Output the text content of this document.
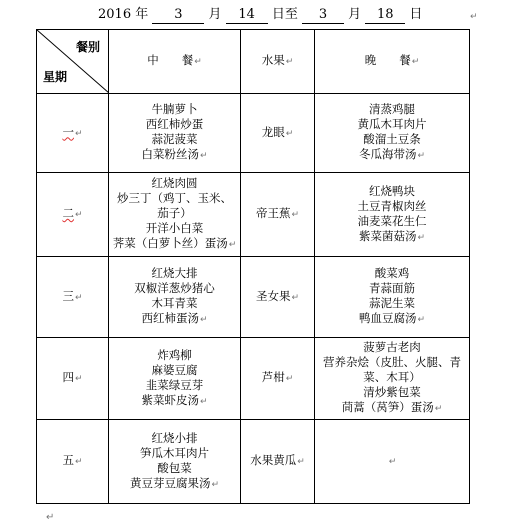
2016 年 3 月 14 日至 3 月 18 日	↵
餐别
星期	中　　餐↵	水果↵	晚　　餐↵
一↵	牛腩萝卜
西红柿炒蛋
蒜泥菠菜
白菜粉丝汤↵	龙眼↵	清蒸鸡腿
黄瓜木耳肉片
酸溜土豆条
冬瓜海带汤↵

二↵	红烧肉圆
炒三丁（鸡丁、玉米、
茄子）
开洋小白菜
荠菜（白萝卜丝）蛋汤↵	帝王蕉↵	红烧鸭块
土豆青椒肉丝
油麦菜花生仁
紫菜菌菇汤↵

三↵	红烧大排
双椒洋葱炒猪心
木耳青菜
西红柿蛋汤↵	圣女果↵	酸菜鸡
青蒜面筋
蒜泥生菜
鸭血豆腐汤↵

四↵	炸鸡柳
麻婆豆腐
韭菜绿豆芽
紫菜虾皮汤↵	芦柑↵	菠萝古老肉
营养杂烩（皮肚、火腿、青
菜、木耳）
清炒紫包菜
茼蒿（莴笋）蛋汤↵

五↵	红烧小排
笋瓜木耳肉片
酸包菜
黄豆芽豆腐果汤↵	水果黄瓜↵	↵
↵
